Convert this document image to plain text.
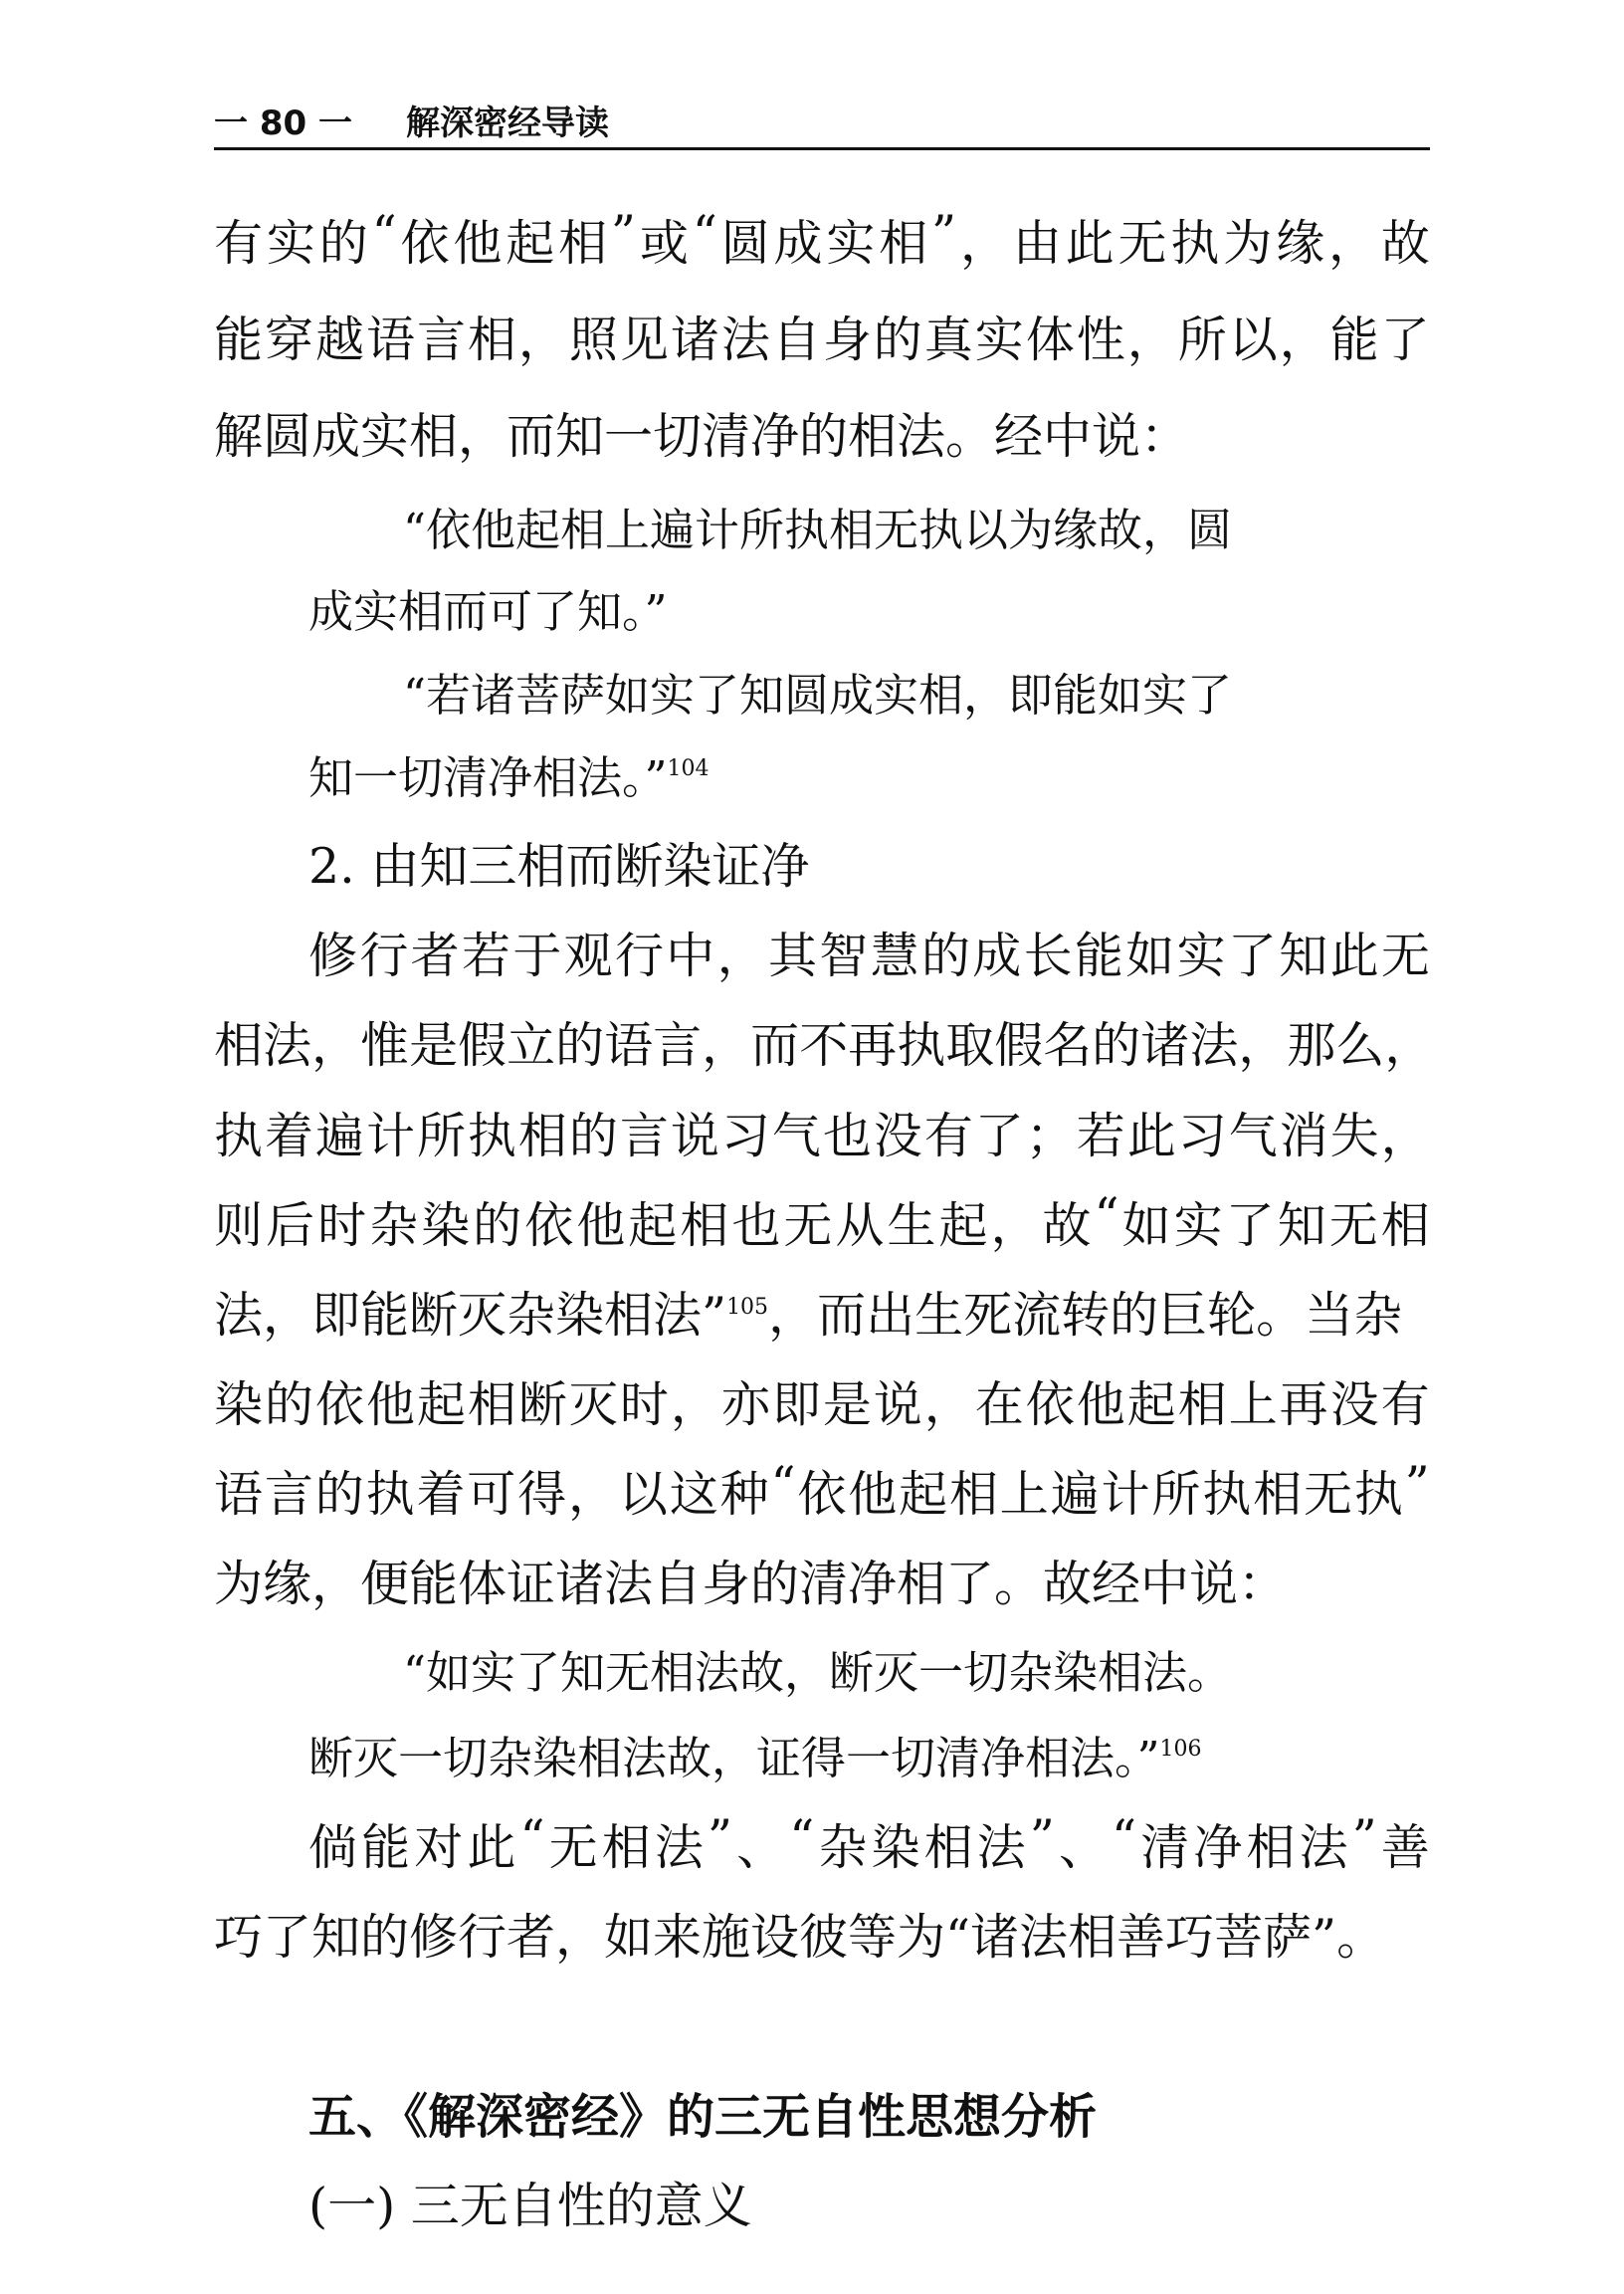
一 80 一 解深密经导读
有 实 的 “ 依 他 起 相 ” 或 “ 圆 成 实 相 ” ， 由 此 无 执 为 缘 ， 故
能 穿 越 语 言 相 ， 照 见 诸 法 自 身 的 真 实 体 性 ， 所 以 ， 能 了
解圆成实相，而知一切清净的相法。经中说：
“依他起相上遍计所执相无执以为缘故，圆
成实相而可了知。”
“若诸菩萨如实了知圆成实相，即能如实了
知一切清净相法。”$^{104}$
2. 由知三相而断染证净
修 行 者 若 于 观 行 中 ， 其 智 慧 的 成 长 能 如 实 了 知 此 无
相 法 ， 惟 是 假 立 的 语 言 ， 而 不 再 执 取 假 名 的 诸 法 ， 那 么 ，
执 着 遍 计 所 执 相 的 言 说 习 气 也 没 有 了 ； 若 此 习 气 消 失 ，
则 后 时 杂 染 的 依 他 起 相 也 无 从 生 起 ， 故 “ 如 实 了 知 无 相
法，即能断灭杂染相法”$^{105}$，而出生死流转的巨轮。当杂
染 的 依 他 起 相 断 灭 时 ， 亦 即 是 说 ， 在 依 他 起 相 上 再 没 有
语 言 的 执 着 可 得 ， 以 这 种 “ 依 他 起 相 上 遍 计 所 执 相 无 执 ”
为缘，便能体证诸法自身的清净相了。故经中说：
“如实了知无相法故，断灭一切杂染相法。
断灭一切杂染相法故，证得一切清净相法。”$^{106}$
倘 能 对 此 “ 无 相 法 ” 、 “ 杂 染 相 法 ” 、 “ 清 净 相 法 ” 善
巧了知的修行者，如来施设彼等为“诸法相善巧菩萨”。
五、《解深密经》的三无自性思想分析
(一) 三无自性的意义
